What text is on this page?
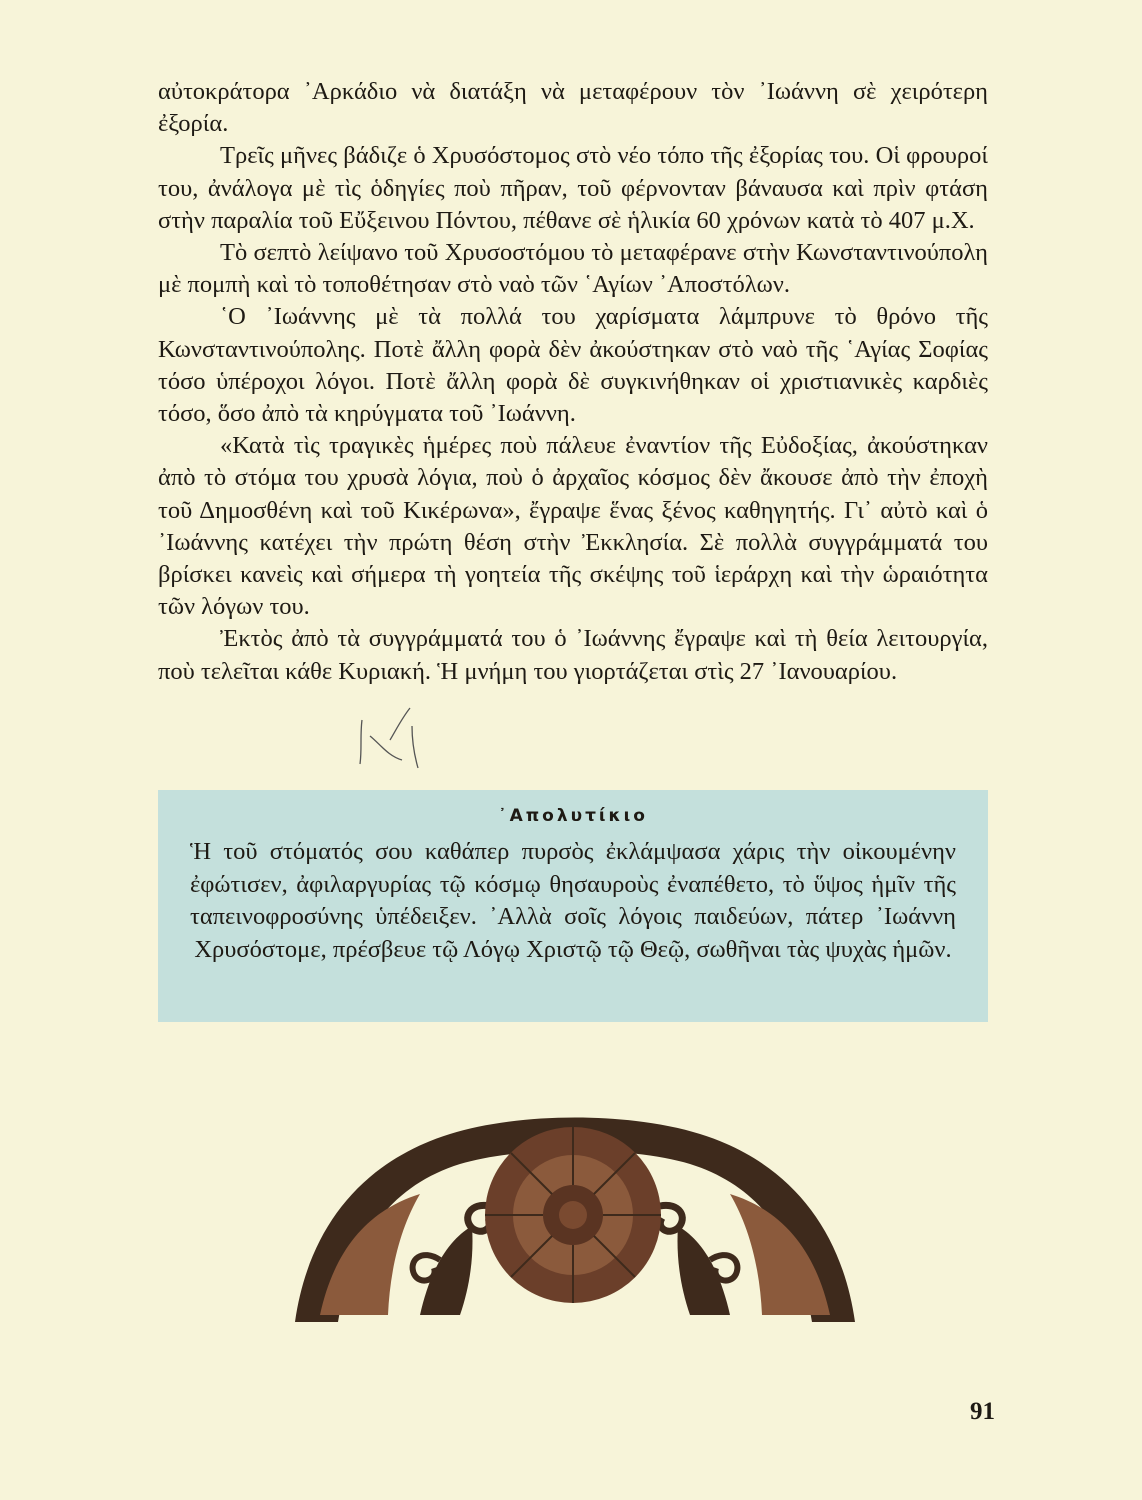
αὐτοκράτορα ᾿Αρκάδιο νὰ διατάξη νὰ μεταφέρουν τὸν ᾿Ιωάννη σὲ χειρότερη ἐξορία.

Τρεῖς μῆνες βάδιζε ὁ Χρυσόστομος στὸ νέο τόπο τῆς ἐξορίας του. Οἱ φρουροί του, ἀνάλογα μὲ τὶς ὁδηγίες ποὺ πῆραν, τοῦ φέρνονταν βάναυσα καὶ πρὶν φτάση στὴν παραλία τοῦ Εὔξεινου Πόντου, πέθανε σὲ ἡλικία 60 χρόνων κατὰ τὸ 407 μ.Χ.

Τὸ σεπτὸ λείψανο τοῦ Χρυσοστόμου τὸ μεταφέρανε στὴν Κωνσταντινούπολη μὲ πομπὴ καὶ τὸ τοποθέτησαν στὸ ναὸ τῶν ῾Αγίων ᾿Αποστόλων.

῾Ο ᾿Ιωάννης μὲ τὰ πολλά του χαρίσματα λάμπρυνε τὸ θρόνο τῆς Κωνσταντινούπολης. Ποτὲ ἄλλη φορὰ δὲν ἀκούστηκαν στὸ ναὸ τῆς ῾Αγίας Σοφίας τόσο ὑπέροχοι λόγοι. Ποτὲ ἄλλη φορὰ δὲ συγκινήθηκαν οἱ χριστιανικὲς καρδιὲς τόσο, ὅσο ἀπὸ τὰ κηρύγματα τοῦ ᾿Ιωάννη.

«Κατὰ τὶς τραγικὲς ἡμέρες ποὺ πάλευε ἐναντίον τῆς Εὐδοξίας, ἀκούστηκαν ἀπὸ τὸ στόμα του χρυσὰ λόγια, ποὺ ὁ ἀρχαῖος κόσμος δὲν ἄκουσε ἀπὸ τὴν ἐποχὴ τοῦ Δημοσθένη καὶ τοῦ Κικέρωνα», ἔγραψε ἕνας ξένος καθηγητής. Γι᾿ αὐτὸ καὶ ὁ ᾿Ιωάννης κατέχει τὴν πρώτη θέση στὴν Ἐκκλησία. Σὲ πολλὰ συγγράμματά του βρίσκει κανεὶς καὶ σήμερα τὴ γοητεία τῆς σκέψης τοῦ ἱεράρχη καὶ τὴν ὡραιότητα τῶν λόγων του.

Ἐκτὸς ἀπὸ τὰ συγγράμματά του ὁ ᾿Ιωάννης ἔγραψε καὶ τὴ θεία λειτουργία, ποὺ τελεῖται κάθε Κυριακή. Ἡ μνήμη του γιορτάζεται στὶς 27 ᾿Ιανουαρίου.

᾿Απολυτίκιο

Ἡ τοῦ στόματός σου καθάπερ πυρσὸς ἐκλάμψασα χάρις τὴν οἰκουμένην ἐφώτισεν, ἀφιλαργυρίας τῷ κόσμῳ θησαυροὺς ἐναπέθετο, τὸ ὕψος ἡμῖν τῆς ταπεινοφροσύνης ὑπέδειξεν. ᾿Αλλὰ σοῖς λόγοις παιδεύων, πάτερ ᾿Ιωάννη Χρυσόστομε, πρέσβευε τῷ Λόγῳ Χριστῷ τῷ Θεῷ, σωθῆναι τὰς ψυχὰς ἡμῶν.

91
